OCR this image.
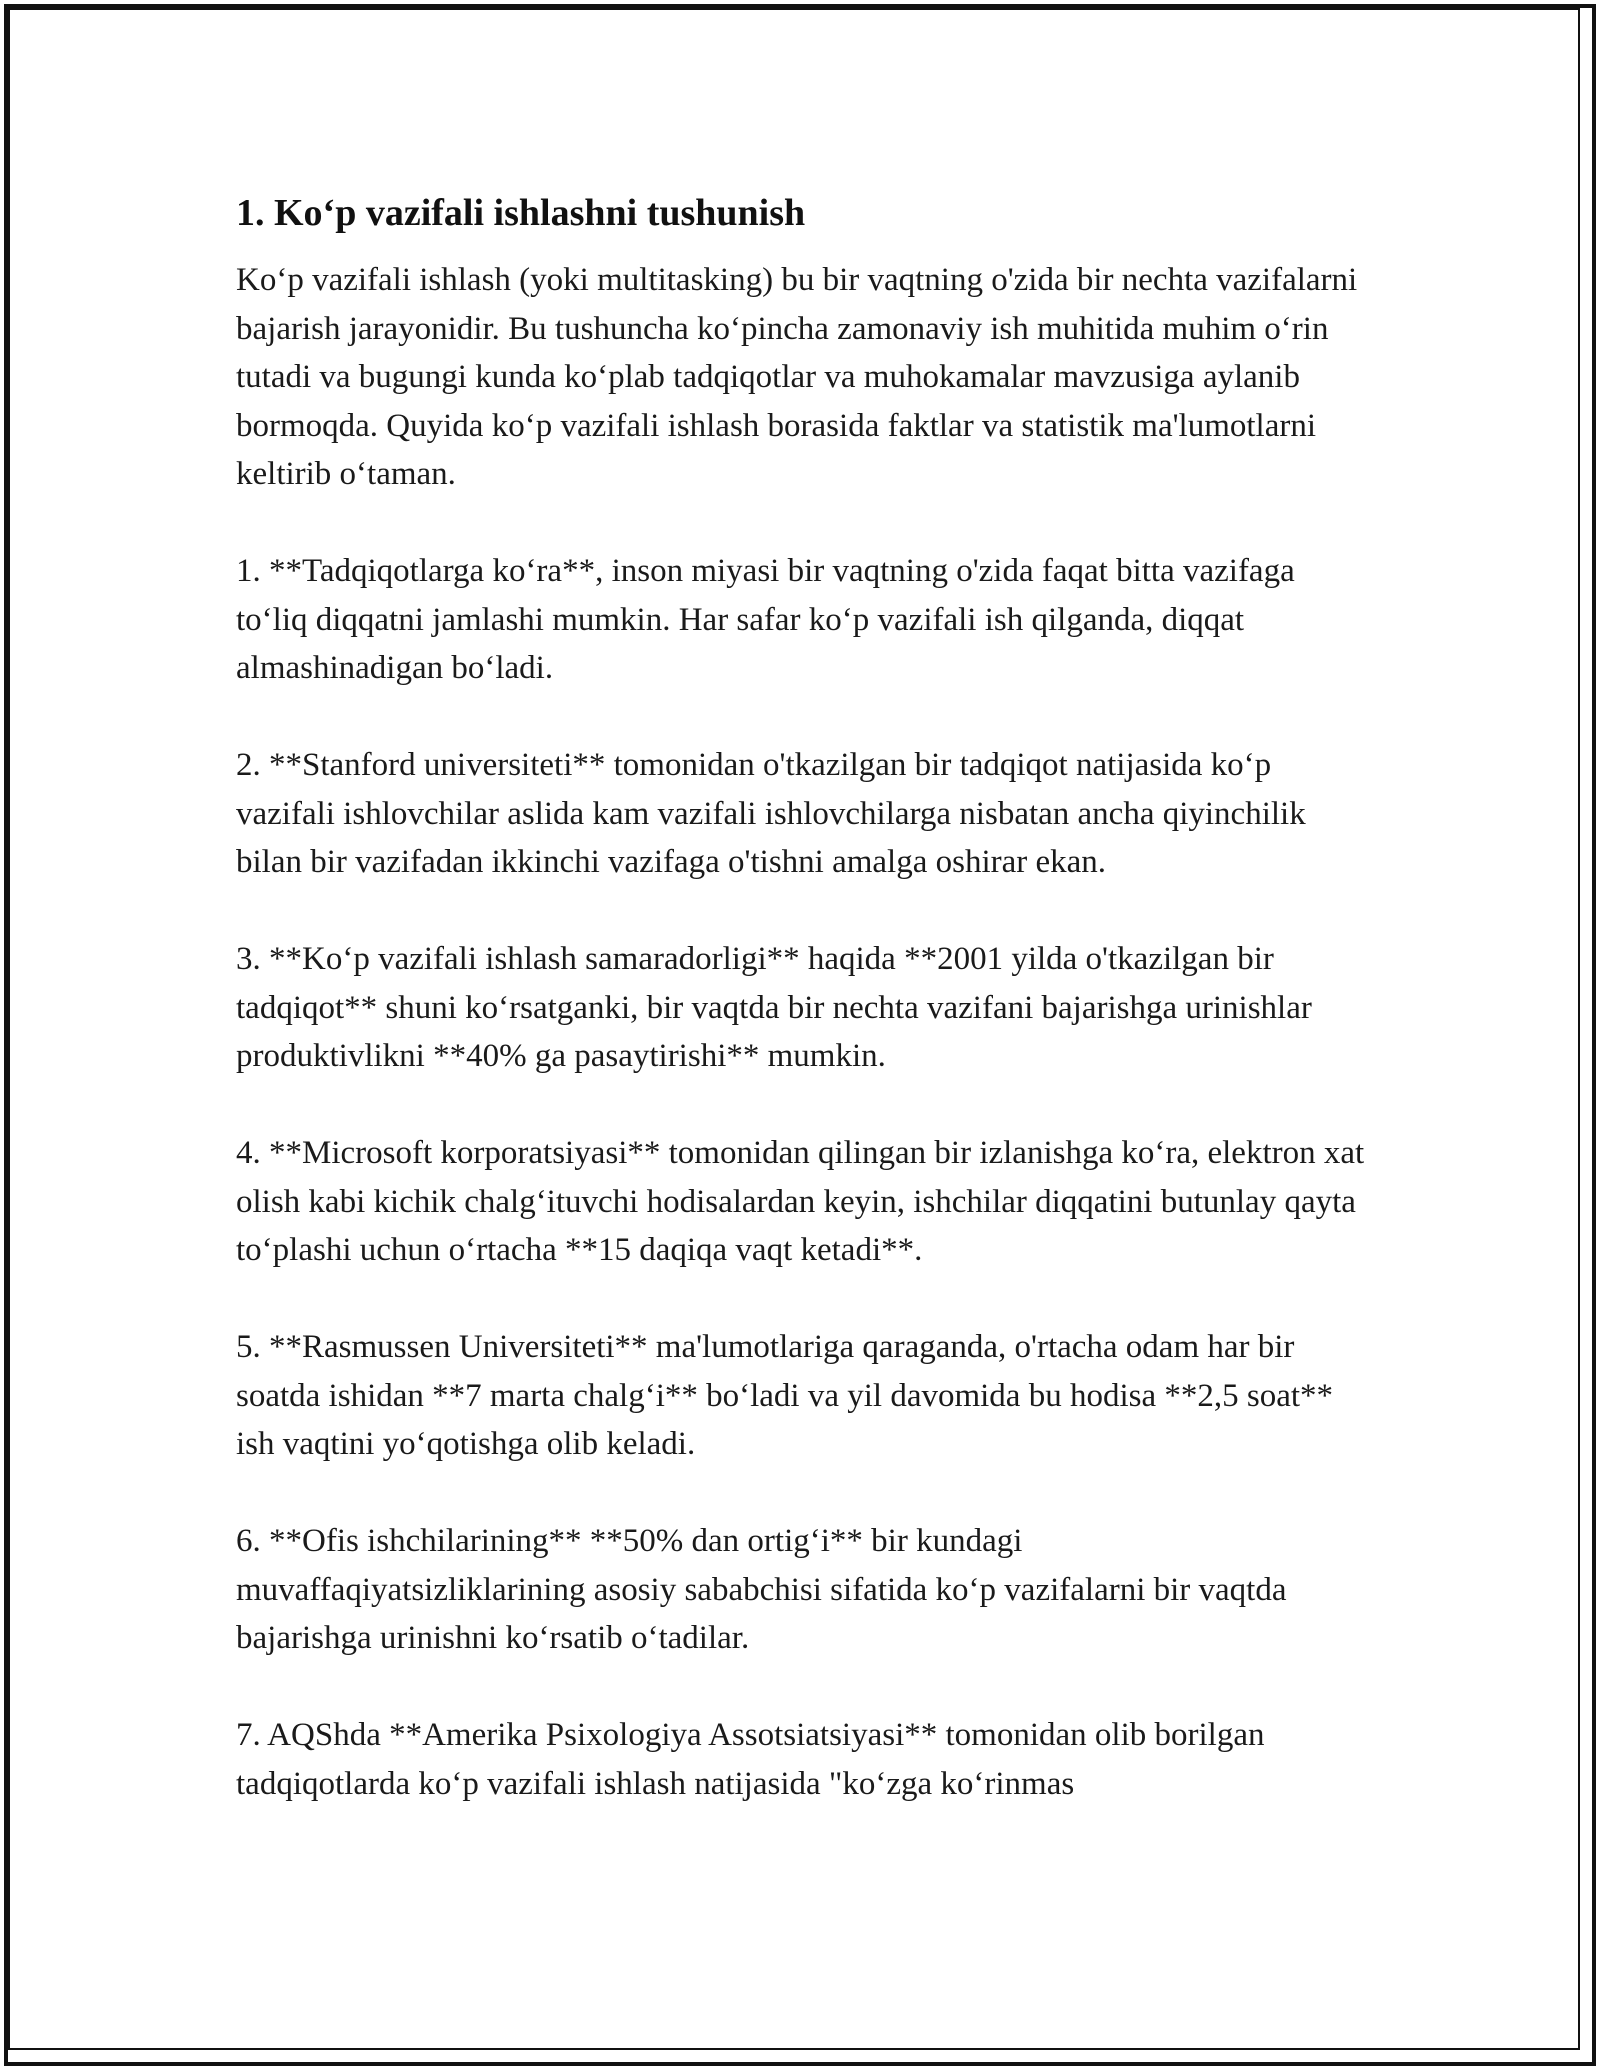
1. Ko‘p vazifali ishlashni tushunish

Ko‘p vazifali ishlash (yoki multitasking) bu bir vaqtning o'zida bir nechta vazifalarni bajarish jarayonidir. Bu tushuncha ko‘pincha zamonaviy ish muhitida muhim o‘rin tutadi va bugungi kunda ko‘plab tadqiqotlar va muhokamalar mavzusiga aylanib bormoqda. Quyida ko‘p vazifali ishlash borasida faktlar va statistik ma'lumotlarni keltirib o‘taman.

1. **Tadqiqotlarga ko‘ra**, inson miyasi bir vaqtning o'zida faqat bitta vazifaga to‘liq diqqatni jamlashi mumkin. Har safar ko‘p vazifali ish qilganda, diqqat almashinadigan bo‘ladi.

2. **Stanford universiteti** tomonidan o'tkazilgan bir tadqiqot natijasida ko‘p vazifali ishlovchilar aslida kam vazifali ishlovchilarga nisbatan ancha qiyinchilik bilan bir vazifadan ikkinchi vazifaga o'tishni amalga oshirar ekan.

3. **Ko‘p vazifali ishlash samaradorligi** haqida **2001 yilda o'tkazilgan bir tadqiqot** shuni ko‘rsatganki, bir vaqtda bir nechta vazifani bajarishga urinishlar produktivlikni **40% ga pasaytirishi** mumkin.

4. **Microsoft korporatsiyasi** tomonidan qilingan bir izlanishga ko‘ra, elektron xat olish kabi kichik chalg‘ituvchi hodisalardan keyin, ishchilar diqqatini butunlay qayta to‘plashi uchun o‘rtacha **15 daqiqa vaqt ketadi**.

5. **Rasmussen Universiteti** ma'lumotlariga qaraganda, o'rtacha odam har bir soatda ishidan **7 marta chalg‘i** bo‘ladi va yil davomida bu hodisa **2,5 soat** ish vaqtini yo‘qotishga olib keladi.

6. **Ofis ishchilarining** **50% dan ortig‘i** bir kundagi muvaffaqiyatsizliklarining asosiy sababchisi sifatida ko‘p vazifalarni bir vaqtda bajarishga urinishni ko‘rsatib o‘tadilar.

7. AQShda **Amerika Psixologiya Assotsiatsiyasi** tomonidan olib borilgan tadqiqotlarda ko‘p vazifali ishlash natijasida "ko‘zga ko‘rinmas
